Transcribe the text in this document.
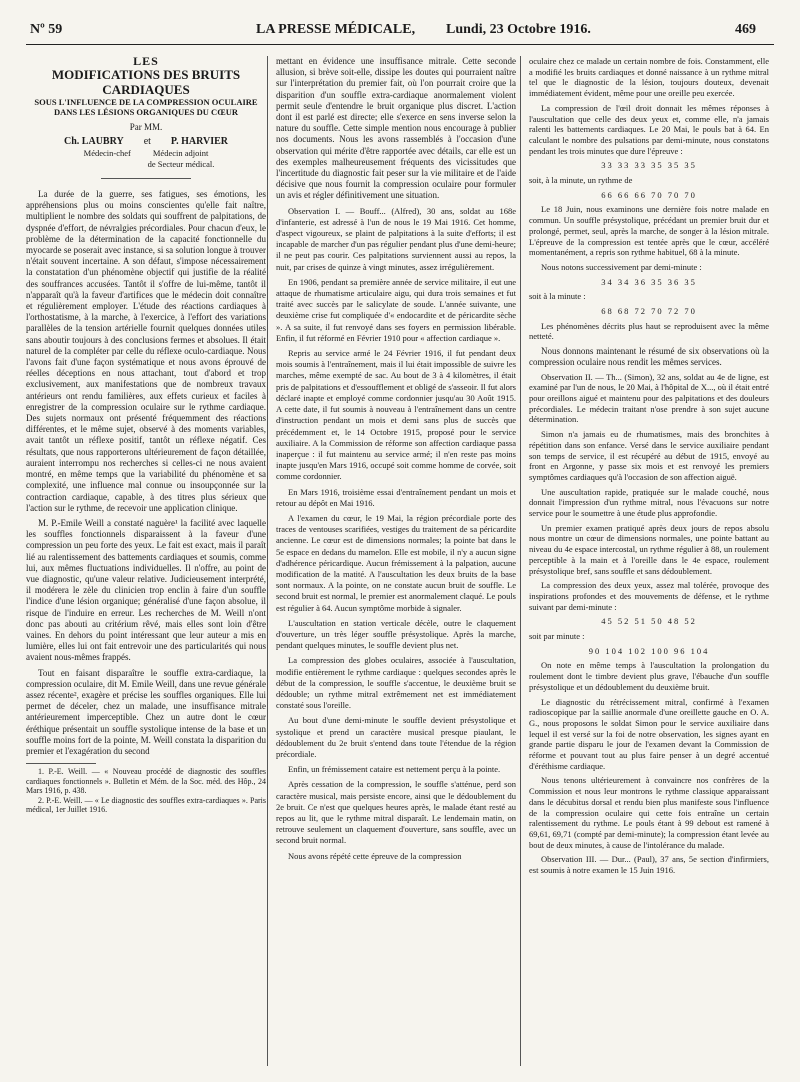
Nº 59	LA PRESSE MÉDICALE, Lundi, 23 Octobre 1916.	469
LES
MODIFICATIONS DES BRUITS CARDIAQUES
SOUS L'INFLUENCE DE LA COMPRESSION OCULAIRE
DANS LES LÉSIONS ORGANIQUES DU CŒUR
Par MM.
Ch. LAUBRY et P. HARVIER
Médecin-chef	Médecin adjoint
de Secteur médical.

La durée de la guerre, ses fatigues, ses émotions, les appréhensions plus ou moins conscientes qu'elle fait naître, multiplient le nombre des soldats qui souffrent de palpitations, de dyspnée d'effort, de névralgies précordiales. Pour chacun d'eux, le problème de la détermination de la capacité fonctionnelle du myocarde se poserait avec instance, si sa solution longue à trouver n'était souvent incertaine. A son défaut, s'impose nécessairement la constatation d'un phénomène objectif qui justifie de la réalité des souffrances accusées. Tantôt il s'offre de lui-même, tantôt il n'apparaît qu'à la faveur d'artifices que le médecin doit connaître et régulièrement employer. L'étude des réactions cardiaques à l'orthostatisme, à la marche, à l'exercice, à l'effort des variations parallèles de la tension artérielle fournit quelques données utiles sans aboutir toujours à des conclusions fermes et absolues. Il était naturel de la compléter par celle du réflexe oculo-cardiaque. Nous l'avons fait d'une façon systématique et nous avons éprouvé de réelles déceptions en nous attachant, tout d'abord et trop exclusivement, aux manifestations que de nombreux travaux antérieurs ont rendu familières, aux effets curieux et faciles à enregistrer de la compression oculaire sur le rythme cardiaque. Des sujets normaux ont présenté fréquemment des réactions différentes, et le même sujet, observé à des moments variables, avait tantôt un réflexe positif, tantôt un réflexe négatif. Ces résultats, que nous rapporterons ultérieurement de façon détaillée, auraient interrompu nos recherches si celles-ci ne nous avaient montré, en même temps que la variabilité du phénomène et sa complexité, une influence mal connue ou insoupçonnée sur la contraction cardiaque, capable, à des titres plus sérieux que l'action sur le rythme, de recevoir une application clinique.

M. P.-Emile Weill a constaté naguère¹ la facilité avec laquelle les souffles fonctionnels disparaissent à la faveur d'une compression un peu forte des yeux. Le fait est exact, mais il paraît lié au ralentissement des battements cardiaques et soumis, comme lui, aux mêmes fluctuations individuelles. Il n'offre, au point de vue diagnostic, qu'une valeur relative. Judicieusement interprété, il modérera le zèle du clinicien trop enclin à faire d'un souffle l'indice d'une lésion organique; généralisé d'une façon absolue, il risque de l'induire en erreur. Les recherches de M. Weill n'ont donc pas abouti au critérium rêvé, mais elles sont loin d'être vaines. En dehors du point intéressant que leur auteur a mis en lumière, elles lui ont fait entrevoir une des particularités qui nous avaient nous-mêmes frappés.

Tout en faisant disparaître le souffle extra-cardiaque, la compression oculaire, dit M. Emile Weill, dans une revue générale assez récente², exagère et précise les souffles organiques. Elle lui permet de déceler, chez un malade, une insuffisance mitrale antérieurement imperceptible. Chez un autre dont le cœur éréthique présentait un souffle systolique intense de la base et un souffle moins fort de la pointe, M. Weill constata la disparition du premier et l'exagération du second

1. P.-E. Weill. — « Nouveau procédé de diagnostic des souffles cardiaques fonctionnels ». Bulletin et Mém. de la Soc. méd. des Hôp., 24 Mars 1916, p. 438.

2. P.-E. Weill. — « Le diagnostic des souffles extra-cardiaques ». Paris médical, 1er Juillet 1916.

mettant en évidence une insuffisance mitrale. Cette seconde allusion, si brève soit-elle, dissipe les doutes qui pourraient naître sur l'interprétation du premier fait, où l'on pourrait croire que la disparition d'un souffle extra-cardiaque anormalement violent permit seule d'entendre le bruit organique plus discret. L'action dont il est parlé est directe; elle s'exerce en sens inverse selon la nature du souffle. Cette simple mention nous encourage à publier nos documents. Nous les avons rassemblés à l'occasion d'une observation qui mérite d'être rapportée avec détails, car elle est un des exemples malheureusement fréquents des vicissitudes que l'incertitude du diagnostic fait peser sur la vie militaire et de l'aide décisive que nous fournit la compression oculaire pour formuler un avis et régler définitivement une situation.

Observation I. — Bouff... (Alfred), 30 ans, soldat au 168e d'infanterie, est adressé à l'un de nous le 19 Mai 1916. Cet homme, d'aspect vigoureux, se plaint de palpitations à la suite d'efforts; il est incapable de marcher d'un pas régulier pendant plus d'une demi-heure; il ne peut pas courir. Ces palpitations surviennent aussi au repos, la nuit, par crises de quinze à vingt minutes, assez irrégulièrement.

En 1906, pendant sa première année de service militaire, il eut une attaque de rhumatisme articulaire aigu, qui dura trois semaines et fut traité avec succès par le salicylate de soude. L'année suivante, une deuxième crise fut compliquée d'« endocardite et de péricardite sèche ». A sa suite, il fut renvoyé dans ses foyers en permission libérable. Enfin, il fut réformé en Février 1910 pour « affection cardiaque ».

Repris au service armé le 24 Février 1916, il fut pendant deux mois soumis à l'entraînement, mais il lui était impossible de suivre les marches, même exempté de sac. Au bout de 3 à 4 kilomètres, il était pris de palpitations et d'essoufflement et obligé de s'asseoir. Il fut alors déclaré inapte et employé comme cordonnier jusqu'au 30 Août 1915. A cette date, il fut soumis à nouveau à l'entraînement dans un centre d'instruction pendant un mois et demi sans plus de succès que précédemment et, le 14 Octobre 1915, proposé pour le service auxiliaire. A la Commission de réforme son affection cardiaque passa inaperçue : il fut maintenu au service armé; il n'en reste pas moins inapte jusqu'en Mars 1916, occupé soit comme homme de corvée, soit comme cordonnier.

En Mars 1916, troisième essai d'entraînement pendant un mois et retour au dépôt en Mai 1916.

A l'examen du cœur, le 19 Mai, la région précordiale porte des traces de ventouses scarifiées, vestiges du traitement de sa péricardite ancienne. Le cœur est de dimensions normales; la pointe bat dans le 5e espace en dedans du mamelon. Elle est mobile, il n'y a aucun signe d'adhérence péricardique. Aucun frémissement à la palpation, aucune modification de la matité. A l'auscultation les deux bruits de la base sont normaux. A la pointe, on ne constate aucun bruit de souffle. Le second bruit est normal, le premier est anormalement claqué. Le pouls est régulier à 64. Aucun symptôme morbide à signaler.

L'auscultation en station verticale décèle, outre le claquement d'ouverture, un très léger souffle présystolique. Après la marche, pendant quelques minutes, le souffle devient plus net.

La compression des globes oculaires, associée à l'auscultation, modifie entièrement le rythme cardiaque : quelques secondes après le début de la compression, le souffle s'accentue, le deuxième bruit se dédouble; un rythme mitral extrêmement net est immédiatement constaté sous l'oreille.

Au bout d'une demi-minute le souffle devient présystolique et systolique et prend un caractère musical presque piaulant, le dédoublement du 2e bruit s'entend dans toute l'étendue de la région précordiale.

Enfin, un frémissement cataire est nettement perçu à la pointe.

Après cessation de la compression, le souffle s'atténue, perd son caractère musical, mais persiste encore, ainsi que le dédoublement du 2e bruit. Ce n'est que quelques heures après, le malade étant resté au repos au lit, que le rythme mitral disparaît. Le lendemain matin, on retrouve seulement un claquement d'ouverture, sans souffle, avec un second bruit normal.

Nous avons répété cette épreuve de la compression

oculaire chez ce malade un certain nombre de fois. Constamment, elle a modifié les bruits cardiaques et donné naissance à un rythme mitral tel que le diagnostic de la lésion, toujours douteux, devenait immédiatement évident, même pour une oreille peu exercée.

La compression de l'œil droit donnait les mêmes réponses à l'auscultation que celle des deux yeux et, comme elle, n'a jamais ralenti les battements cardiaques. Le 20 Mai, le pouls bat à 64. En calculant le nombre des pulsations par demi-minute, nous constatons pendant les trois minutes que dure l'épreuve :

33 33 33 35 35 35

soit, à la minute, un rythme de

66 66 66 70 70 70

Le 18 Juin, nous examinons une dernière fois notre malade en commun. Un souffle présystolique, précédant un premier bruit dur et prolongé, permet, seul, après la marche, de songer à la lésion mitrale. L'épreuve de la compression est tentée après que le cœur, accéléré momentanément, a repris son rythme habituel, 68 à la minute.

Nous notons successivement par demi-minute :

34 34 36 35 36 35

soit à la minute :

68 68 72 70 72 70

Les phénomènes décrits plus haut se reproduisent avec la même netteté.

Nous donnons maintenant le résumé de six observations où la compression oculaire nous rendit les mêmes services.

Observation II. — Th... (Simon), 32 ans, soldat au 4e de ligne, est examiné par l'un de nous, le 20 Mai, à l'hôpital de X..., où il était entré pour oreillons aigué et maintenu pour des palpitations et des douleurs précordiales. Le médecin traitant n'ose prendre à son sujet aucune détermination.

Simon n'a jamais eu de rhumatismes, mais des bronchites à répétition dans son enfance. Versé dans le service auxiliaire pendant son temps de service, il est récupéré au début de 1915, envoyé au front en Argonne, y passe six mois et est renvoyé les premiers symptômes cardiaques qu'à l'occasion de son affection aiguë.

Une auscultation rapide, pratiquée sur le malade couché, nous donnait l'impression d'un rythme mitral, nous l'évacuons sur notre service pour le soumettre à une étude plus approfondie.

Un premier examen pratiqué après deux jours de repos absolu nous montre un cœur de dimensions normales, une pointe battant au niveau du 4e espace intercostal, un rythme régulier à 88, un roulement perceptible à la main et à l'oreille dans le 4e espace, roulement présystolique bref, sans souffle et sans dédoublement.

La compression des deux yeux, assez mal tolérée, provoque des inspirations profondes et des mouvements de défense, et le rythme suivant par demi-minute :

45 52 51 50 48 52

soit par minute :

90 104 102 100 96 104

On note en même temps à l'auscultation la prolongation du roulement dont le timbre devient plus grave, l'ébauche d'un souffle présystolique et un dédoublement du deuxième bruit.

Le diagnostic du rétrécissement mitral, confirmé à l'examen radioscopique par la saillie anormale d'une oreillette gauche en O. A. G., nous proposons le soldat Simon pour le service auxiliaire dans lequel il est versé sur la foi de notre observation, les signes ayant en grande partie disparu le jour de l'examen devant la Commission de réforme et pouvant tout au plus faire penser à un degré accentué d'éréthisme cardiaque.

Nous tenons ultérieurement à convaincre nos confrères de la Commission et nous leur montrons le rythme classique apparaissant dans le décubitus dorsal et rendu bien plus manifeste sous l'influence de la compression oculaire qui cette fois entraîne un certain ralentissement du rythme. Le pouls étant à 99 debout est ramené à 69,61, 69,71 (compté par demi-minute); la compression étant levée au bout de deux minutes, à cause de l'intolérance du malade.

Observation III. — Dur... (Paul), 37 ans, 5e section d'infirmiers, est soumis à notre examen le 15 Juin 1916.
